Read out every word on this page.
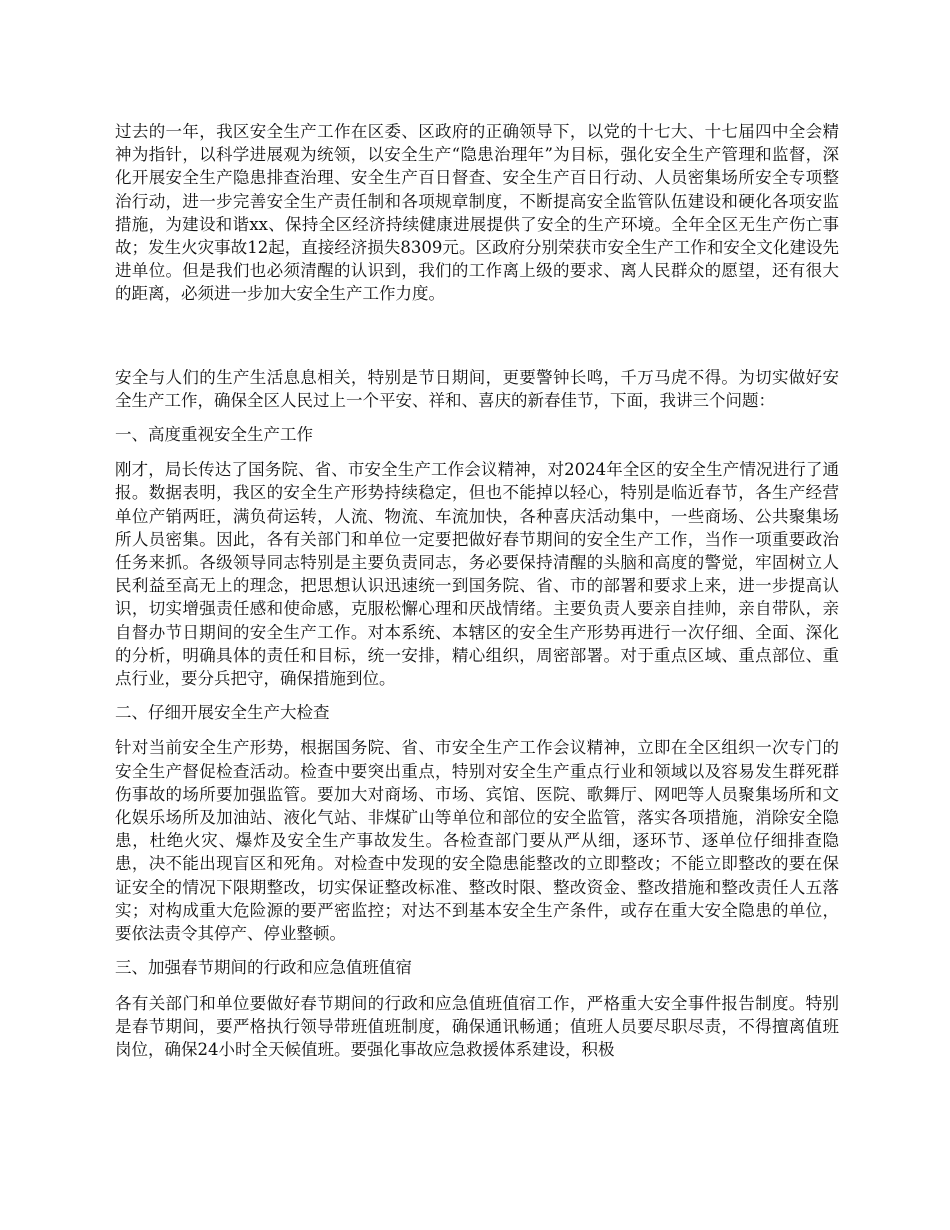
过去的一年，我区安全生产工作在区委、区政府的正确领导下，以党的十七大、十七届四中全会精神为指针，以科学进展观为统领，以安全生产“隐患治理年”为目标，强化安全生产管理和监督，深化开展安全生产隐患排查治理、安全生产百日督查、安全生产百日行动、人员密集场所安全专项整治行动，进一步完善安全生产责任制和各项规章制度，不断提高安全监管队伍建设和硬化各项安监措施，为建设和谐xx、保持全区经济持续健康进展提供了安全的生产环境。全年全区无生产伤亡事故；发生火灾事故12起，直接经济损失8309元。区政府分别荣获市安全生产工作和安全文化建设先进单位。但是我们也必须清醒的认识到，我们的工作离上级的要求、离人民群众的愿望，还有很大的距离，必须进一步加大安全生产工作力度。

安全与人们的生产生活息息相关，特别是节日期间，更要警钟长鸣，千万马虎不得。为切实做好安全生产工作，确保全区人民过上一个平安、祥和、喜庆的新春佳节，下面，我讲三个问题：

一、高度重视安全生产工作

刚才，局长传达了国务院、省、市安全生产工作会议精神，对2024年全区的安全生产情况进行了通报。数据表明，我区的安全生产形势持续稳定，但也不能掉以轻心，特别是临近春节，各生产经营单位产销两旺，满负荷运转，人流、物流、车流加快，各种喜庆活动集中，一些商场、公共聚集场所人员密集。因此，各有关部门和单位一定要把做好春节期间的安全生产工作，当作一项重要政治任务来抓。各级领导同志特别是主要负责同志，务必要保持清醒的头脑和高度的警觉，牢固树立人民利益至高无上的理念，把思想认识迅速统一到国务院、省、市的部署和要求上来，进一步提高认识，切实增强责任感和使命感，克服松懈心理和厌战情绪。主要负责人要亲自挂帅，亲自带队，亲自督办节日期间的安全生产工作。对本系统、本辖区的安全生产形势再进行一次仔细、全面、深化的分析，明确具体的责任和目标，统一安排，精心组织，周密部署。对于重点区域、重点部位、重点行业，要分兵把守，确保措施到位。

二、仔细开展安全生产大检查

针对当前安全生产形势，根据国务院、省、市安全生产工作会议精神，立即在全区组织一次专门的安全生产督促检查活动。检查中要突出重点，特别对安全生产重点行业和领域以及容易发生群死群伤事故的场所要加强监管。要加大对商场、市场、宾馆、医院、歌舞厅、网吧等人员聚集场所和文化娱乐场所及加油站、液化气站、非煤矿山等单位和部位的安全监管，落实各项措施，消除安全隐患，杜绝火灾、爆炸及安全生产事故发生。各检查部门要从严从细，逐环节、逐单位仔细排查隐患，决不能出现盲区和死角。对检查中发现的安全隐患能整改的立即整改；不能立即整改的要在保证安全的情况下限期整改，切实保证整改标准、整改时限、整改资金、整改措施和整改责任人五落实；对构成重大危险源的要严密监控；对达不到基本安全生产条件，或存在重大安全隐患的单位，要依法责令其停产、停业整顿。

三、加强春节期间的行政和应急值班值宿

各有关部门和单位要做好春节期间的行政和应急值班值宿工作，严格重大安全事件报告制度。特别是春节期间，要严格执行领导带班值班制度，确保通讯畅通；值班人员要尽职尽责，不得擅离值班岗位，确保24小时全天候值班。要强化事故应急救援体系建设，积极
